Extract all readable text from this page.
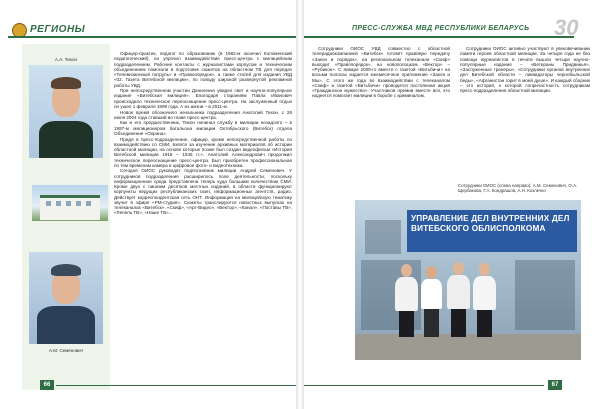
РЕГИОНЫ	ПРЕСС-СЛУЖБА МВД РЕСПУБЛИКИ БЕЛАРУСЬ 30
А.А. Тихон
А.М. Семенович

Офицер-практик, педагог по образованию (в 1982-м окончил Коломенский педагогический), он упрочил взаимодействие пресс-центра с милицейским подразделением. Рабочие контакты с журналистами корпусом и техническим объединением помогали в подготовке сюжетов на областном ТВ для передач «Телевизионный патруль» и «Правопорядок», а также статей для издания УВД «02. Газета Витебской милиции», по поводу широкой развернутой рекламной работы УВД.

При непосредственном участии Даниленко увидел свет и научно-популярное издание «Витебская милиция». Благодаря стараниям Павла Иванович происходило техническое переоснащение пресс-центра. На заслуженный отдых он ушел 1 февраля 1999 года. А из жизни – в 2011-м.

Новое время обозначило начальника подразделения Анатолий Тихон, с 26 июля 2004 года ставший во главе пресс-центра.

Как и его предшественник, Тихон начинал службу в милиции незадолго – в 1997-м милиционером батальона милиции Октябрьского (Витебск) отдела Объединение «Охрана».

Придя в пресс-подразделение, офицер, кроме непосредственной работы по взаимодействию со СМИ, взялся за изучение архивных материалов об истории областной милиции, на основе которых позже был создан видеофильм «История Витебской милиции 1918 – 1945 гг.». Анатолий Александрович продолжил техническое переоснащение пресс-центра. Был приобретен профессиональная по тем временам камера и цифровое фото- и видеотехника.

Сегодня ОИОС руководит подполковник милиции Андрей Семенович. У сотрудников подразделения расширилось поле деятельности, поскольку информационная среда представлена теперь куда большим количеством СМИ. Кроме двух с лишним десятков местных изданий, в области функционируют корпункты ведущих республиканских газет, информационных агентств, радио. Действует корреспондентская сеть ОНТ. Информация на милицейскую тематику звучит в эфире «РМ-студия». Сюжеты транслируются новостных выпусках на телеканалах «Витебск», «Скиф», «Арт-Видео», «Вектор», «Канал», «Поставы ТВ», «Лепель ТВ», «Наше ТВ»...

Сотрудники ОИОС УВД совместно с областной телерадиокомпанией «Витебск» готовят правовую передачу «Закон и порядок», на региональном телеканале «Скиф» выходит «Правопорядок», на новополоцком «Вектор» – «Рубикон». С января 2009-го вместе с газетой «Витьбичи» на восьми полосах издается ежемесячное приложение «Закон и Мы». С этого же года во взаимодействии с телеканалом «Скиф» и газетой «Витьбичи» проводится постоянная акция «Гражданское мужество». Участников премии вместе вся, кто надеется помогает милиции в борьбе с криминалом.

Сотрудники ОИОС активно участвуют в увековечивании памяти героев областной милиции. За четыре года не без помощи журналистов в печати вышли четыре научно-популярные издания – «Ветераны Придвинья», «Заслуженные тренеры», «Сотрудники органов внутренних дел Витебской области – ликвидаторы чернобыльской беды», «Афганистан горит в моей душе». И каждый сборник – это история, к которой сопричастность сотрудникам пресс-подразделения областной милиции.

Сотрудники ОИОС (слева направо): А.М. Семенович, О.А. Щербакова, Г.А. Кондрашов, А.Н. Козлечко
УПРАВЛЕНИЕ ДЕЛ ВНУТРЕННИХ ДЕЛ ВИТЕБСКОГО ОБЛИСПОЛКОМА
66	67
